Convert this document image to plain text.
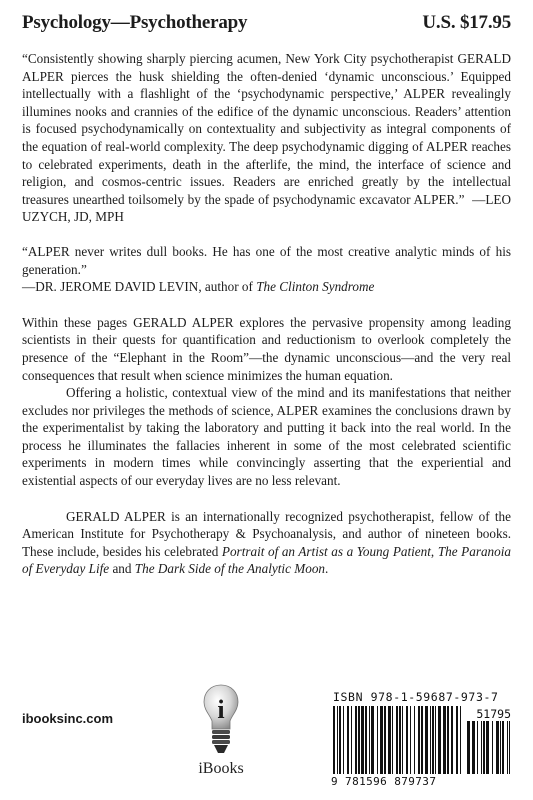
Psychology—Psychotherapy	U.S. $17.95

“Consistently showing sharply piercing acumen, New York City psychotherapist GERALD ALPER pierces the husk shielding the often-denied ‘dynamic unconscious.’ Equipped intellectually with a flashlight of the ‘psychodynamic perspective,’ ALPER revealingly illumines nooks and crannies of the edifice of the dynamic unconscious. Readers’ attention is focused psychodynamically on contextuality and subjectivity as integral components of the equation of real-world complexity. The deep psychodynamic digging of ALPER reaches to celebrated experiments, death in the afterlife, the mind, the interface of science and religion, and cosmos-centric issues. Readers are enriched greatly by the intellectual treasures unearthed toilsomely by the spade of psychodynamic excavator ALPER.” —LEO UZYCH, JD, MPH

“ALPER never writes dull books. He has one of the most creative analytic minds of his generation.”
—DR. JEROME DAVID LEVIN, author of The Clinton Syndrome

Within these pages GERALD ALPER explores the pervasive propensity among leading scientists in their quests for quantification and reductionism to overlook completely the presence of the “Elephant in the Room”—the dynamic unconscious—and the very real consequences that result when science minimizes the human equation.

Offering a holistic, contextual view of the mind and its manifestations that neither excludes nor privileges the methods of science, ALPER examines the conclusions drawn by the experimentalist by taking the laboratory and putting it back into the real world. In the process he illuminates the fallacies inherent in some of the most celebrated scientific experiments in modern times while convincingly asserting that the experiential and existential aspects of our everyday lives are no less relevant.

GERALD ALPER is an internationally recognized psychotherapist, fellow of the American Institute for Psychotherapy & Psychoanalysis, and author of nineteen books. These include, besides his celebrated Portrait of an Artist as a Young Patient, The Paranoia of Everyday Life and The Dark Side of the Analytic Moon.

ibooksinc.com	i
iBooks
ISBN 978-1-59687-973-7
51795
9 781596 879737
